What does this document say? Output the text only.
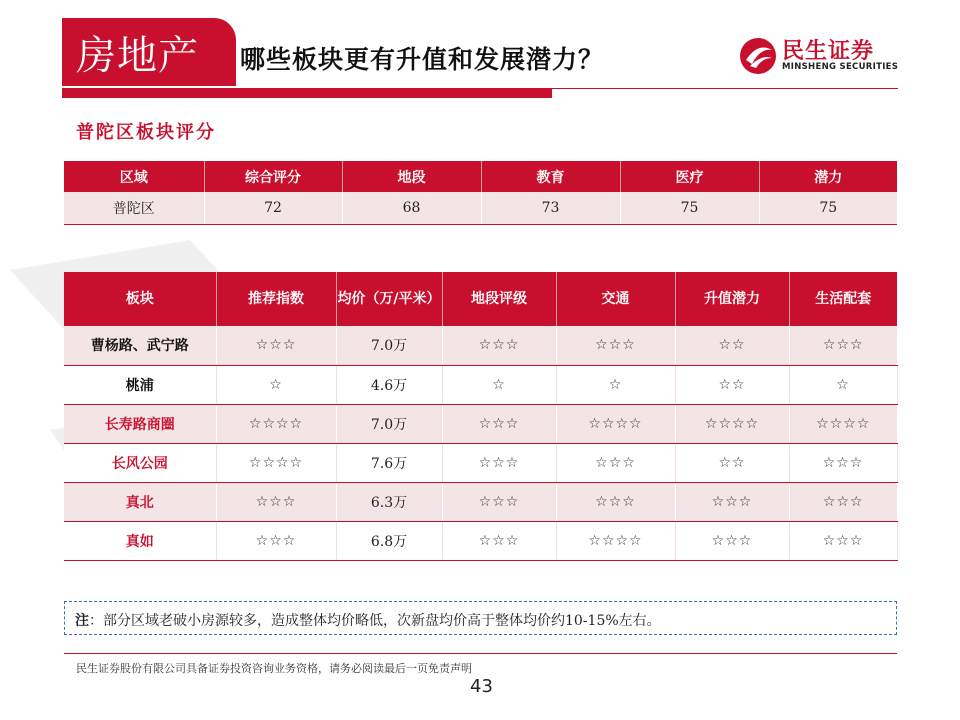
房地产 哪些板块更有升值和发展潜力？	民生证券
MINSHENG SECURITIES
普陀区板块评分
区域	综合评分	地段	教育	医疗	潜力
普陀区	72	68	73	75	75
板块	推荐指数	均价（万/平米）	地段评级	交通	升值潜力	生活配套
曹杨路、武宁路	☆☆☆	7.0万	☆☆☆	☆☆☆	☆☆	☆☆☆
桃浦	☆	4.6万	☆	☆	☆☆	☆
长寿路商圈	☆☆☆☆	7.0万	☆☆☆	☆☆☆☆	☆☆☆☆	☆☆☆☆
长风公园	☆☆☆☆	7.6万	☆☆☆	☆☆☆	☆☆	☆☆☆
真北	☆☆☆	6.3万	☆☆☆	☆☆☆	☆☆☆	☆☆☆
真如	☆☆☆	6.8万	☆☆☆	☆☆☆☆	☆☆☆	☆☆☆
注：部分区域老破小房源较多，造成整体均价略低，次新盘均价高于整体均价约10-15%左右。
民生证券股份有限公司具备证券投资咨询业务资格，请务必阅读最后一页免责声明
43
